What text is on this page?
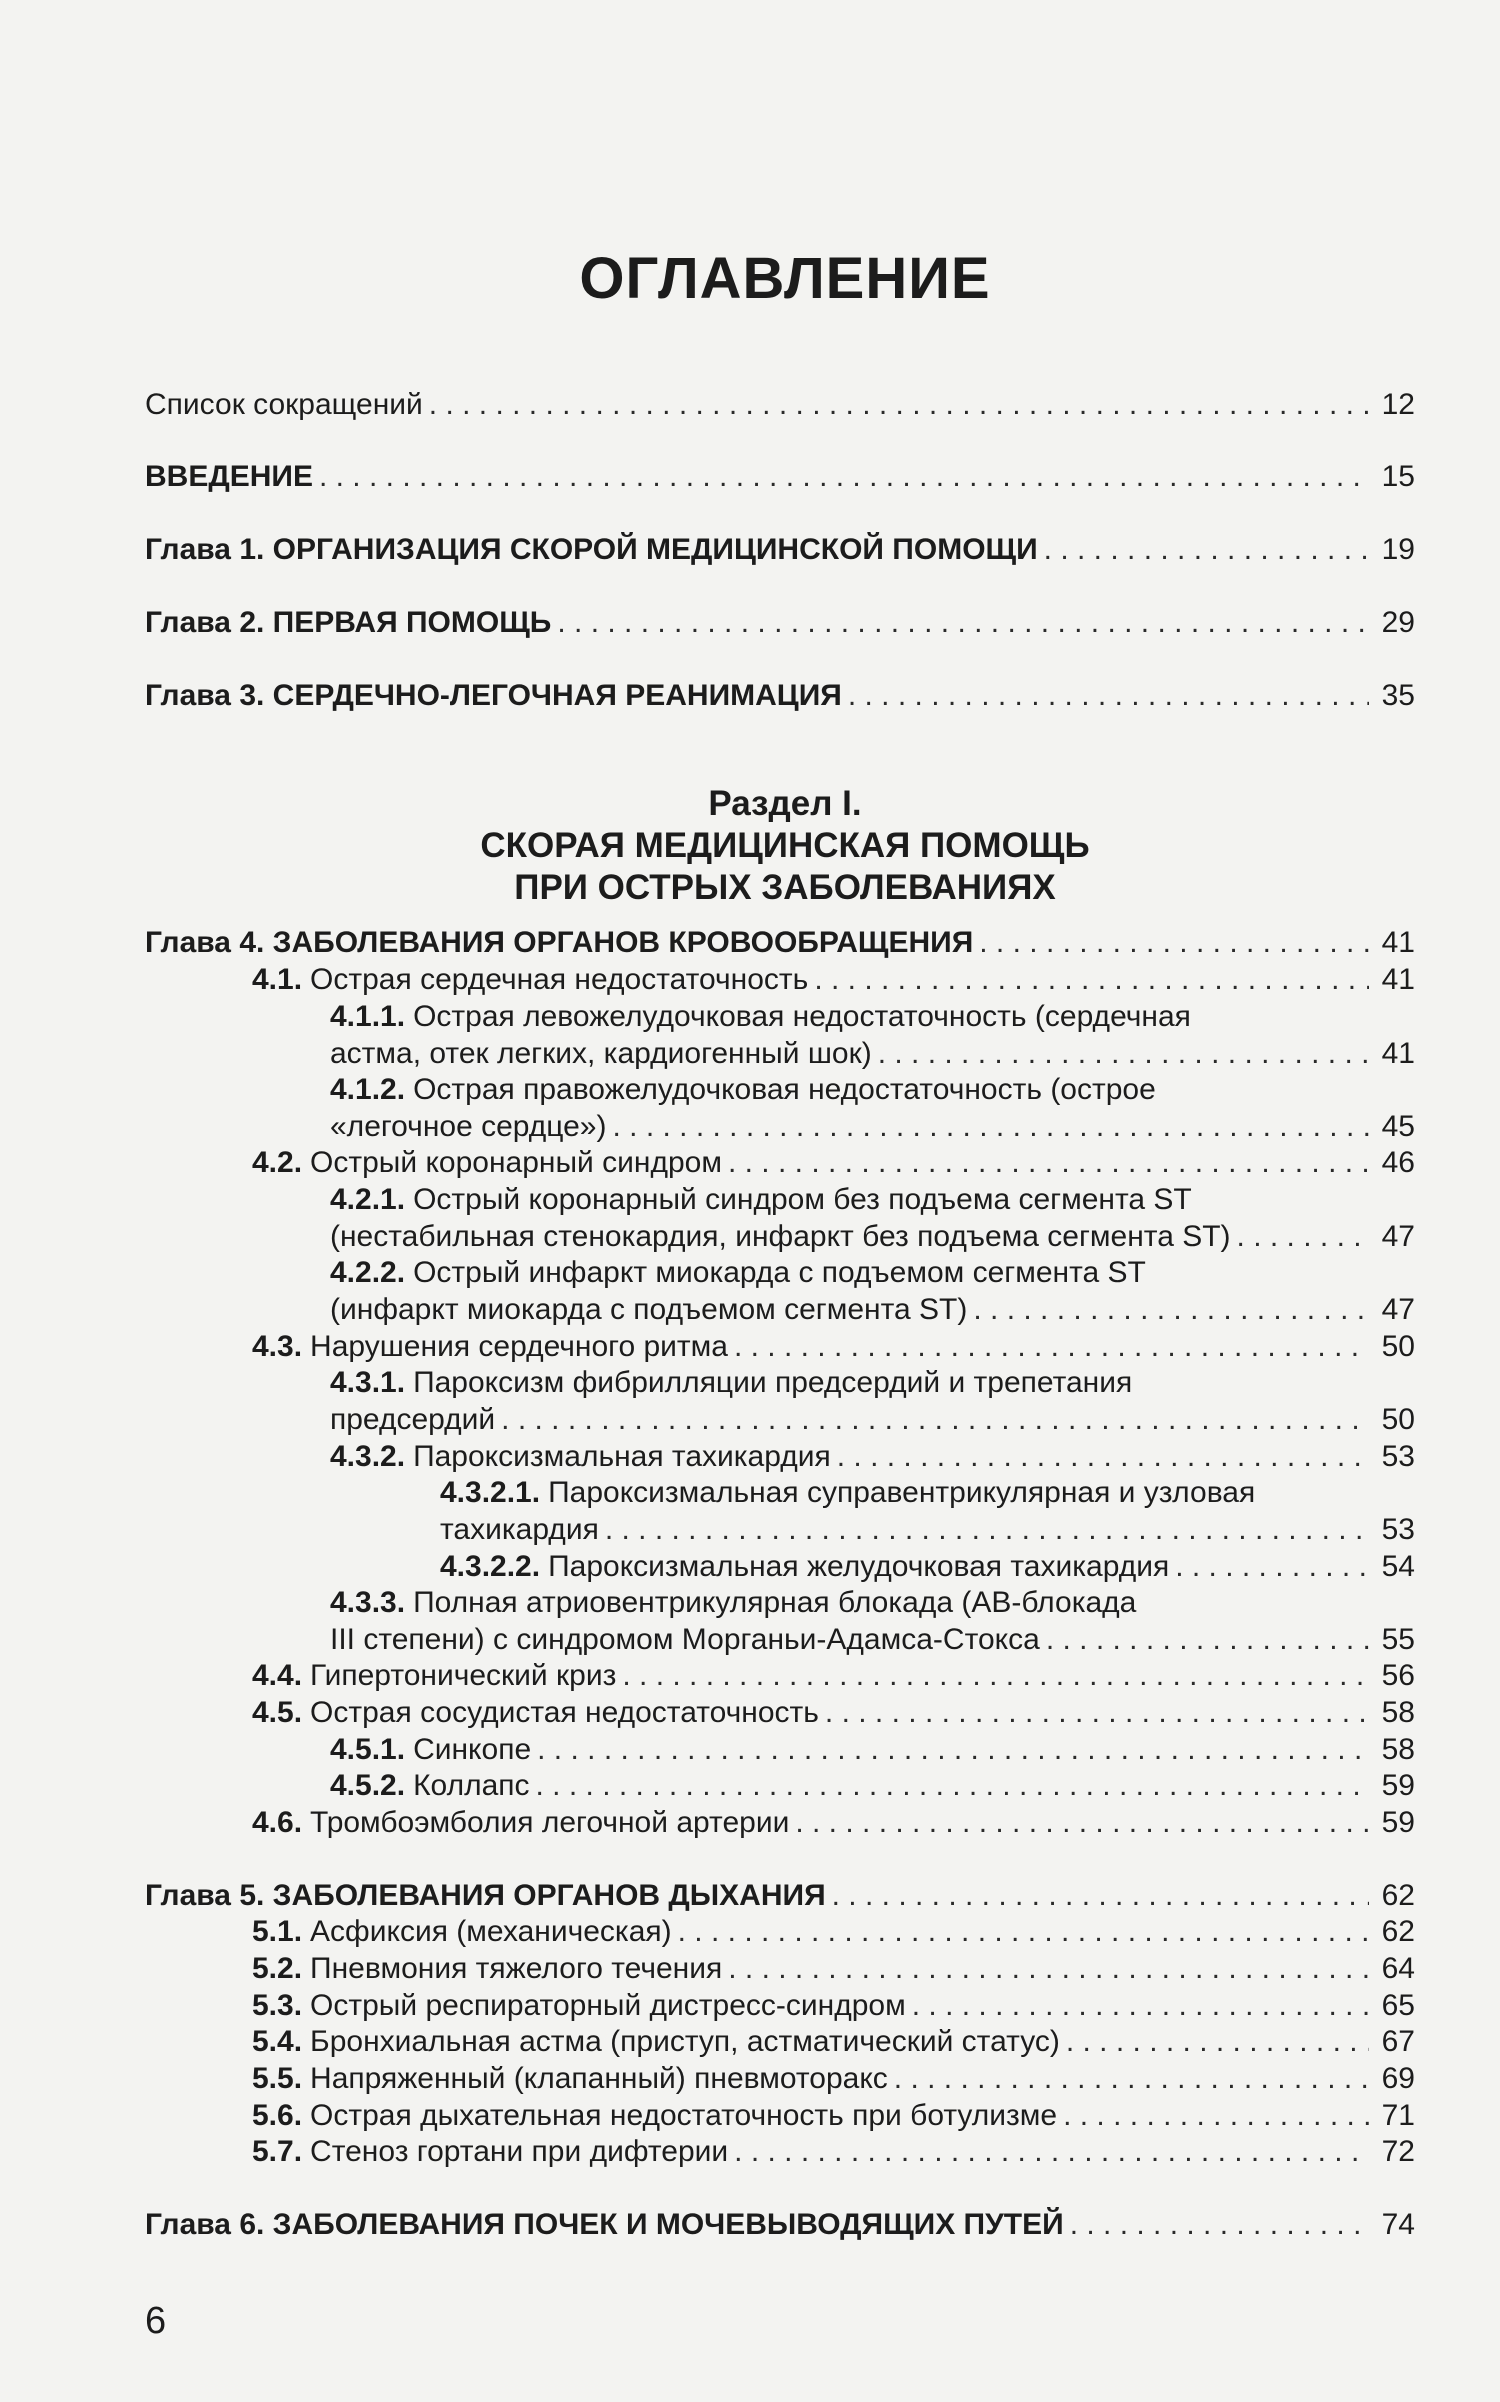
ОГЛАВЛЕНИЕ
Раздел I.
СКОРАЯ МЕДИЦИНСКАЯ ПОМОЩЬ
ПРИ ОСТРЫХ ЗАБОЛЕВАНИЯХ
Список сокращений . . .	12
ВВЕДЕНИЕ . . .	15
Глава 1. ОРГАНИЗАЦИЯ СКОРОЙ МЕДИЦИНСКОЙ ПОМОЩИ . . .	19
Глава 2. ПЕРВАЯ ПОМОЩЬ . . .	29
Глава 3. СЕРДЕЧНО-ЛЕГОЧНАЯ РЕАНИМАЦИЯ . . .	35
Глава 4. ЗАБОЛЕВАНИЯ ОРГАНОВ КРОВООБРАЩЕНИЯ . . .	41
4.1. Острая сердечная недостаточность . . .	41
4.1.1. Острая левожелудочковая недостаточность (сердечная
астма, отек легких, кардиогенный шок) . . .	41
4.1.2. Острая правожелудочковая недостаточность (острое
«легочное сердце») . . .	45
4.2. Острый коронарный синдром . . .	46
4.2.1. Острый коронарный синдром без подъема сегмента ST
(нестабильная стенокардия, инфаркт без подъема сегмента ST) . . .	47
4.2.2. Острый инфаркт миокарда с подъемом сегмента ST
(инфаркт миокарда с подъемом сегмента ST) . . .	47
4.3. Нарушения сердечного ритма . . .	50
4.3.1. Пароксизм фибрилляции предсердий и трепетания
предсердий . . .	50
4.3.2. Пароксизмальная тахикардия . . .	53
4.3.2.1. Пароксизмальная суправентрикулярная и узловая
тахикардия . . .	53
4.3.2.2. Пароксизмальная желудочковая тахикардия . . .	54
4.3.3. Полная атриовентрикулярная блокада (АВ-блокада
III степени) с синдромом Морганьи-Адамса-Стокса . . .	55
4.4. Гипертонический криз . . .	56
4.5. Острая сосудистая недостаточность . . .	58
4.5.1. Синкопе . . .	58
4.5.2. Коллапс . . .	59
4.6. Тромбоэмболия легочной артерии . . .	59
Глава 5. ЗАБОЛЕВАНИЯ ОРГАНОВ ДЫХАНИЯ . . .	62
5.1. Асфиксия (механическая) . . .	62
5.2. Пневмония тяжелого течения . . .	64
5.3. Острый респираторный дистресс-синдром . . .	65
5.4. Бронхиальная астма (приступ, астматический статус) . . .	67
5.5. Напряженный (клапанный) пневмоторакс . . .	69
5.6. Острая дыхательная недостаточность при ботулизме . . .	71
5.7. Стеноз гортани при дифтерии . . .	72
Глава 6. ЗАБОЛЕВАНИЯ ПОЧЕК И МОЧЕВЫВОДЯЩИХ ПУТЕЙ . . .	74
6
